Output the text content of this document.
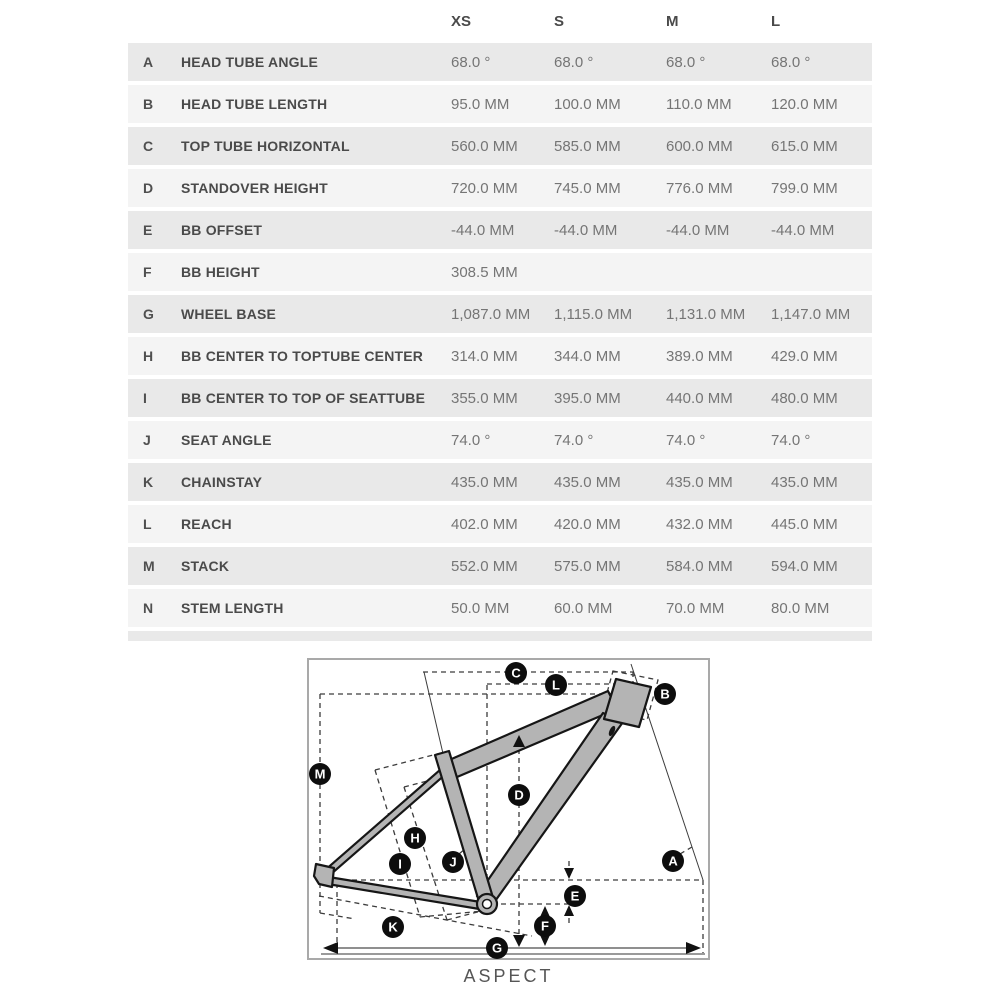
XS	S	M	L
A	HEAD TUBE ANGLE	68.0 °	68.0 °	68.0 °	68.0 °
B	HEAD TUBE LENGTH	95.0 MM	100.0 MM	110.0 MM	120.0 MM
C	TOP TUBE HORIZONTAL	560.0 MM	585.0 MM	600.0 MM	615.0 MM
D	STANDOVER HEIGHT	720.0 MM	745.0 MM	776.0 MM	799.0 MM
E	BB OFFSET	-44.0 MM	-44.0 MM	-44.0 MM	-44.0 MM
F	BB HEIGHT	308.5 MM
G	WHEEL BASE	1,087.0 MM	1,115.0 MM	1,131.0 MM	1,147.0 MM
H	BB CENTER TO TOPTUBE CENTER	314.0 MM	344.0 MM	389.0 MM	429.0 MM
I	BB CENTER TO TOP OF SEATTUBE	355.0 MM	395.0 MM	440.0 MM	480.0 MM
J	SEAT ANGLE	74.0 °	74.0 °	74.0 °	74.0 °
K	CHAINSTAY	435.0 MM	435.0 MM	435.0 MM	435.0 MM
L	REACH	402.0 MM	420.0 MM	432.0 MM	445.0 MM
M	STACK	552.0 MM	575.0 MM	584.0 MM	594.0 MM
N	STEM LENGTH	50.0 MM	60.0 MM	70.0 MM	80.0 MM
C
L
B
M
D
H
I	J	A
E
F
K
G
ASPECT
